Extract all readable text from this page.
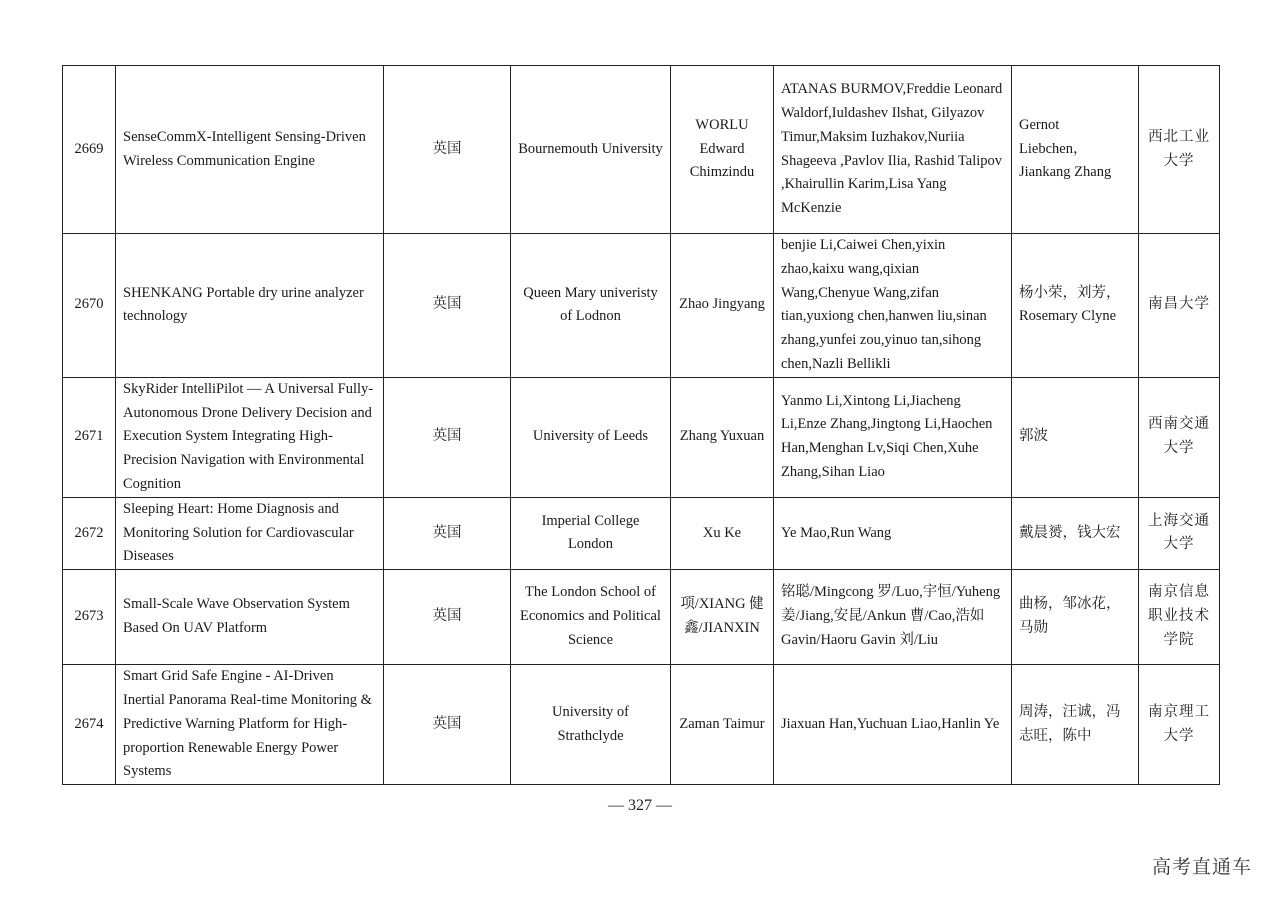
2669	SenseCommX-Intelligent Sensing-Driven Wireless Communication Engine	英国	Bournemouth University	WORLU Edward Chimzindu	ATANAS BURMOV,Freddie Leonard Waldorf,Iuldashev Ilshat, Gilyazov Timur,Maksim Iuzhakov,Nuriia Shageeva ,Pavlov Ilia, Rashid Talipov ,Khairullin Karim,Lisa Yang McKenzie	Gernot Liebchen，Jiankang Zhang	西北工业大学
2670	SHENKANG Portable dry urine analyzer technology	英国	Queen Mary univeristy of Lodnon	Zhao Jingyang	benjie Li,Caiwei Chen,yixin zhao,kaixu wang,qixian Wang,Chenyue Wang,zifan tian,yuxiong chen,hanwen liu,sinan zhang,yunfei zou,yinuo tan,sihong chen,Nazli Bellikli	杨小荣，刘芳，Rosemary Clyne	南昌大学
2671	SkyRider IntelliPilot — A Universal Fully-Autonomous Drone Delivery Decision and Execution System Integrating High-Precision Navigation with Environmental Cognition	英国	University of Leeds	Zhang Yuxuan	Yanmo Li,Xintong Li,Jiacheng Li,Enze Zhang,Jingtong Li,Haochen Han,Menghan Lv,Siqi Chen,Xuhe Zhang,Sihan Liao	郭波	西南交通大学
2672	Sleeping Heart: Home Diagnosis and Monitoring Solution for Cardiovascular Diseases	英国	Imperial College London	Xu Ke	Ye Mao,Run Wang	戴晨赟，钱大宏	上海交通大学
2673	Small-Scale Wave Observation System Based On UAV Platform	英国	The London School of Economics and Political Science	项/XIANG 健鑫/JIANXIN	铭聪/Mingcong 罗/Luo,宇恒/Yuheng 姜/Jiang,安昆/Ankun 曹/Cao,浩如 Gavin/Haoru Gavin 刘/Liu	曲杨，邹冰花，马勋	南京信息职业技术学院
2674	Smart Grid Safe Engine - AI-Driven Inertial Panorama Real-time Monitoring & Predictive Warning Platform for High-proportion Renewable Energy Power Systems	英国	University of Strathclyde	Zaman Taimur	Jiaxuan Han,Yuchuan Liao,Hanlin Ye	周涛，汪诚，冯志旺，陈中	南京理工大学
— 327 —
高考直通车
